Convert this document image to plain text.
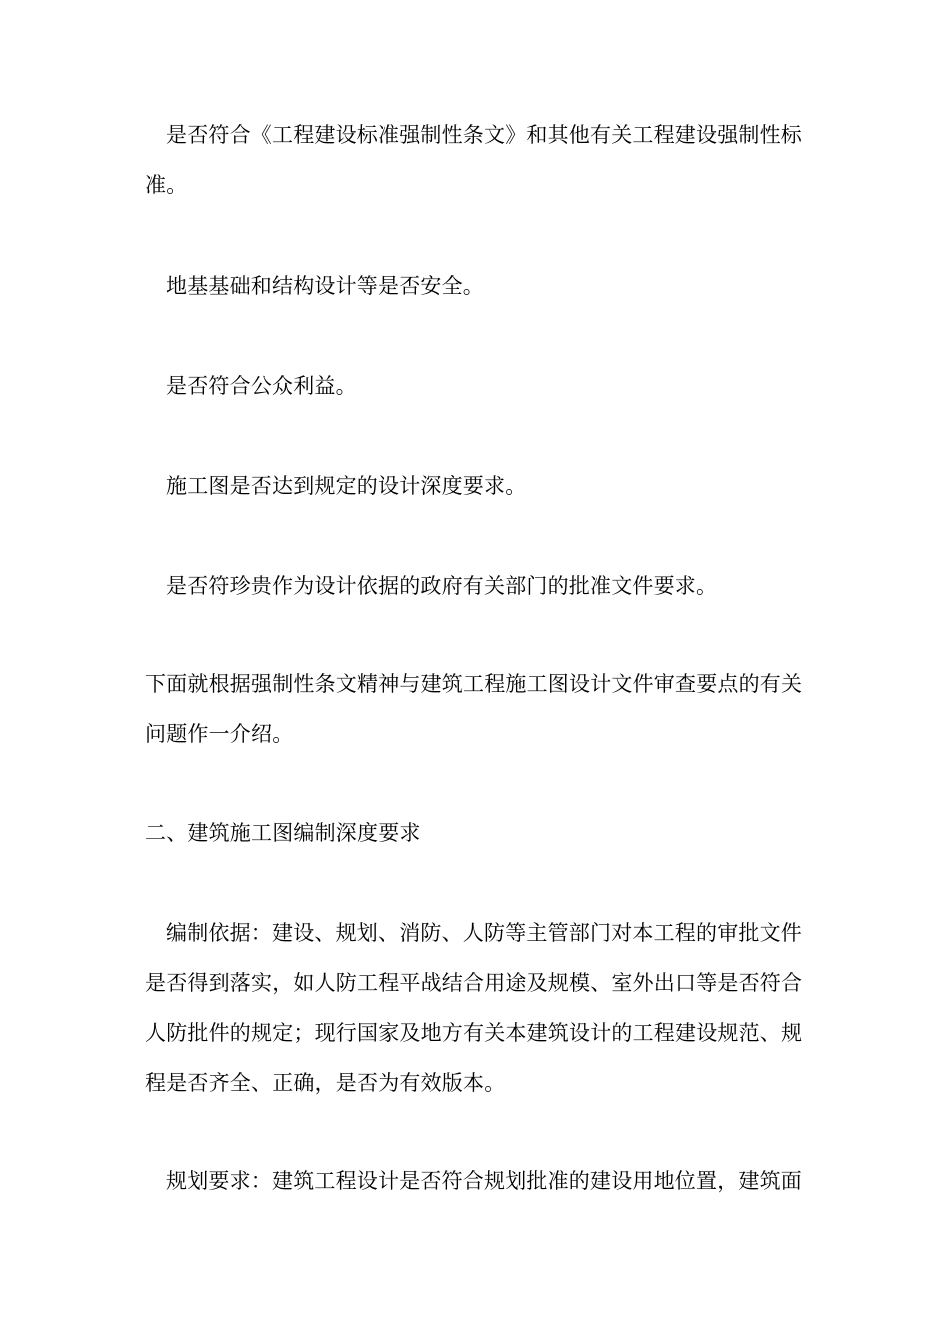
是否符合《工程建设标准强制性条文》和其他有关工程建设强制性标准。

地基基础和结构设计等是否安全。

是否符合公众利益。

施工图是否达到规定的设计深度要求。

是否符珍贵作为设计依据的政府有关部门的批准文件要求。

下面就根据强制性条文精神与建筑工程施工图设计文件审查要点的有关问题作一介绍。

二、建筑施工图编制深度要求

编制依据：建设、规划、消防、人防等主管部门对本工程的审批文件是否得到落实，如人防工程平战结合用途及规模、室外出口等是否符合人防批件的规定；现行国家及地方有关本建筑设计的工程建设规范、规程是否齐全、正确，是否为有效版本。

规划要求：建筑工程设计是否符合规划批准的建设用地位置，建筑面
